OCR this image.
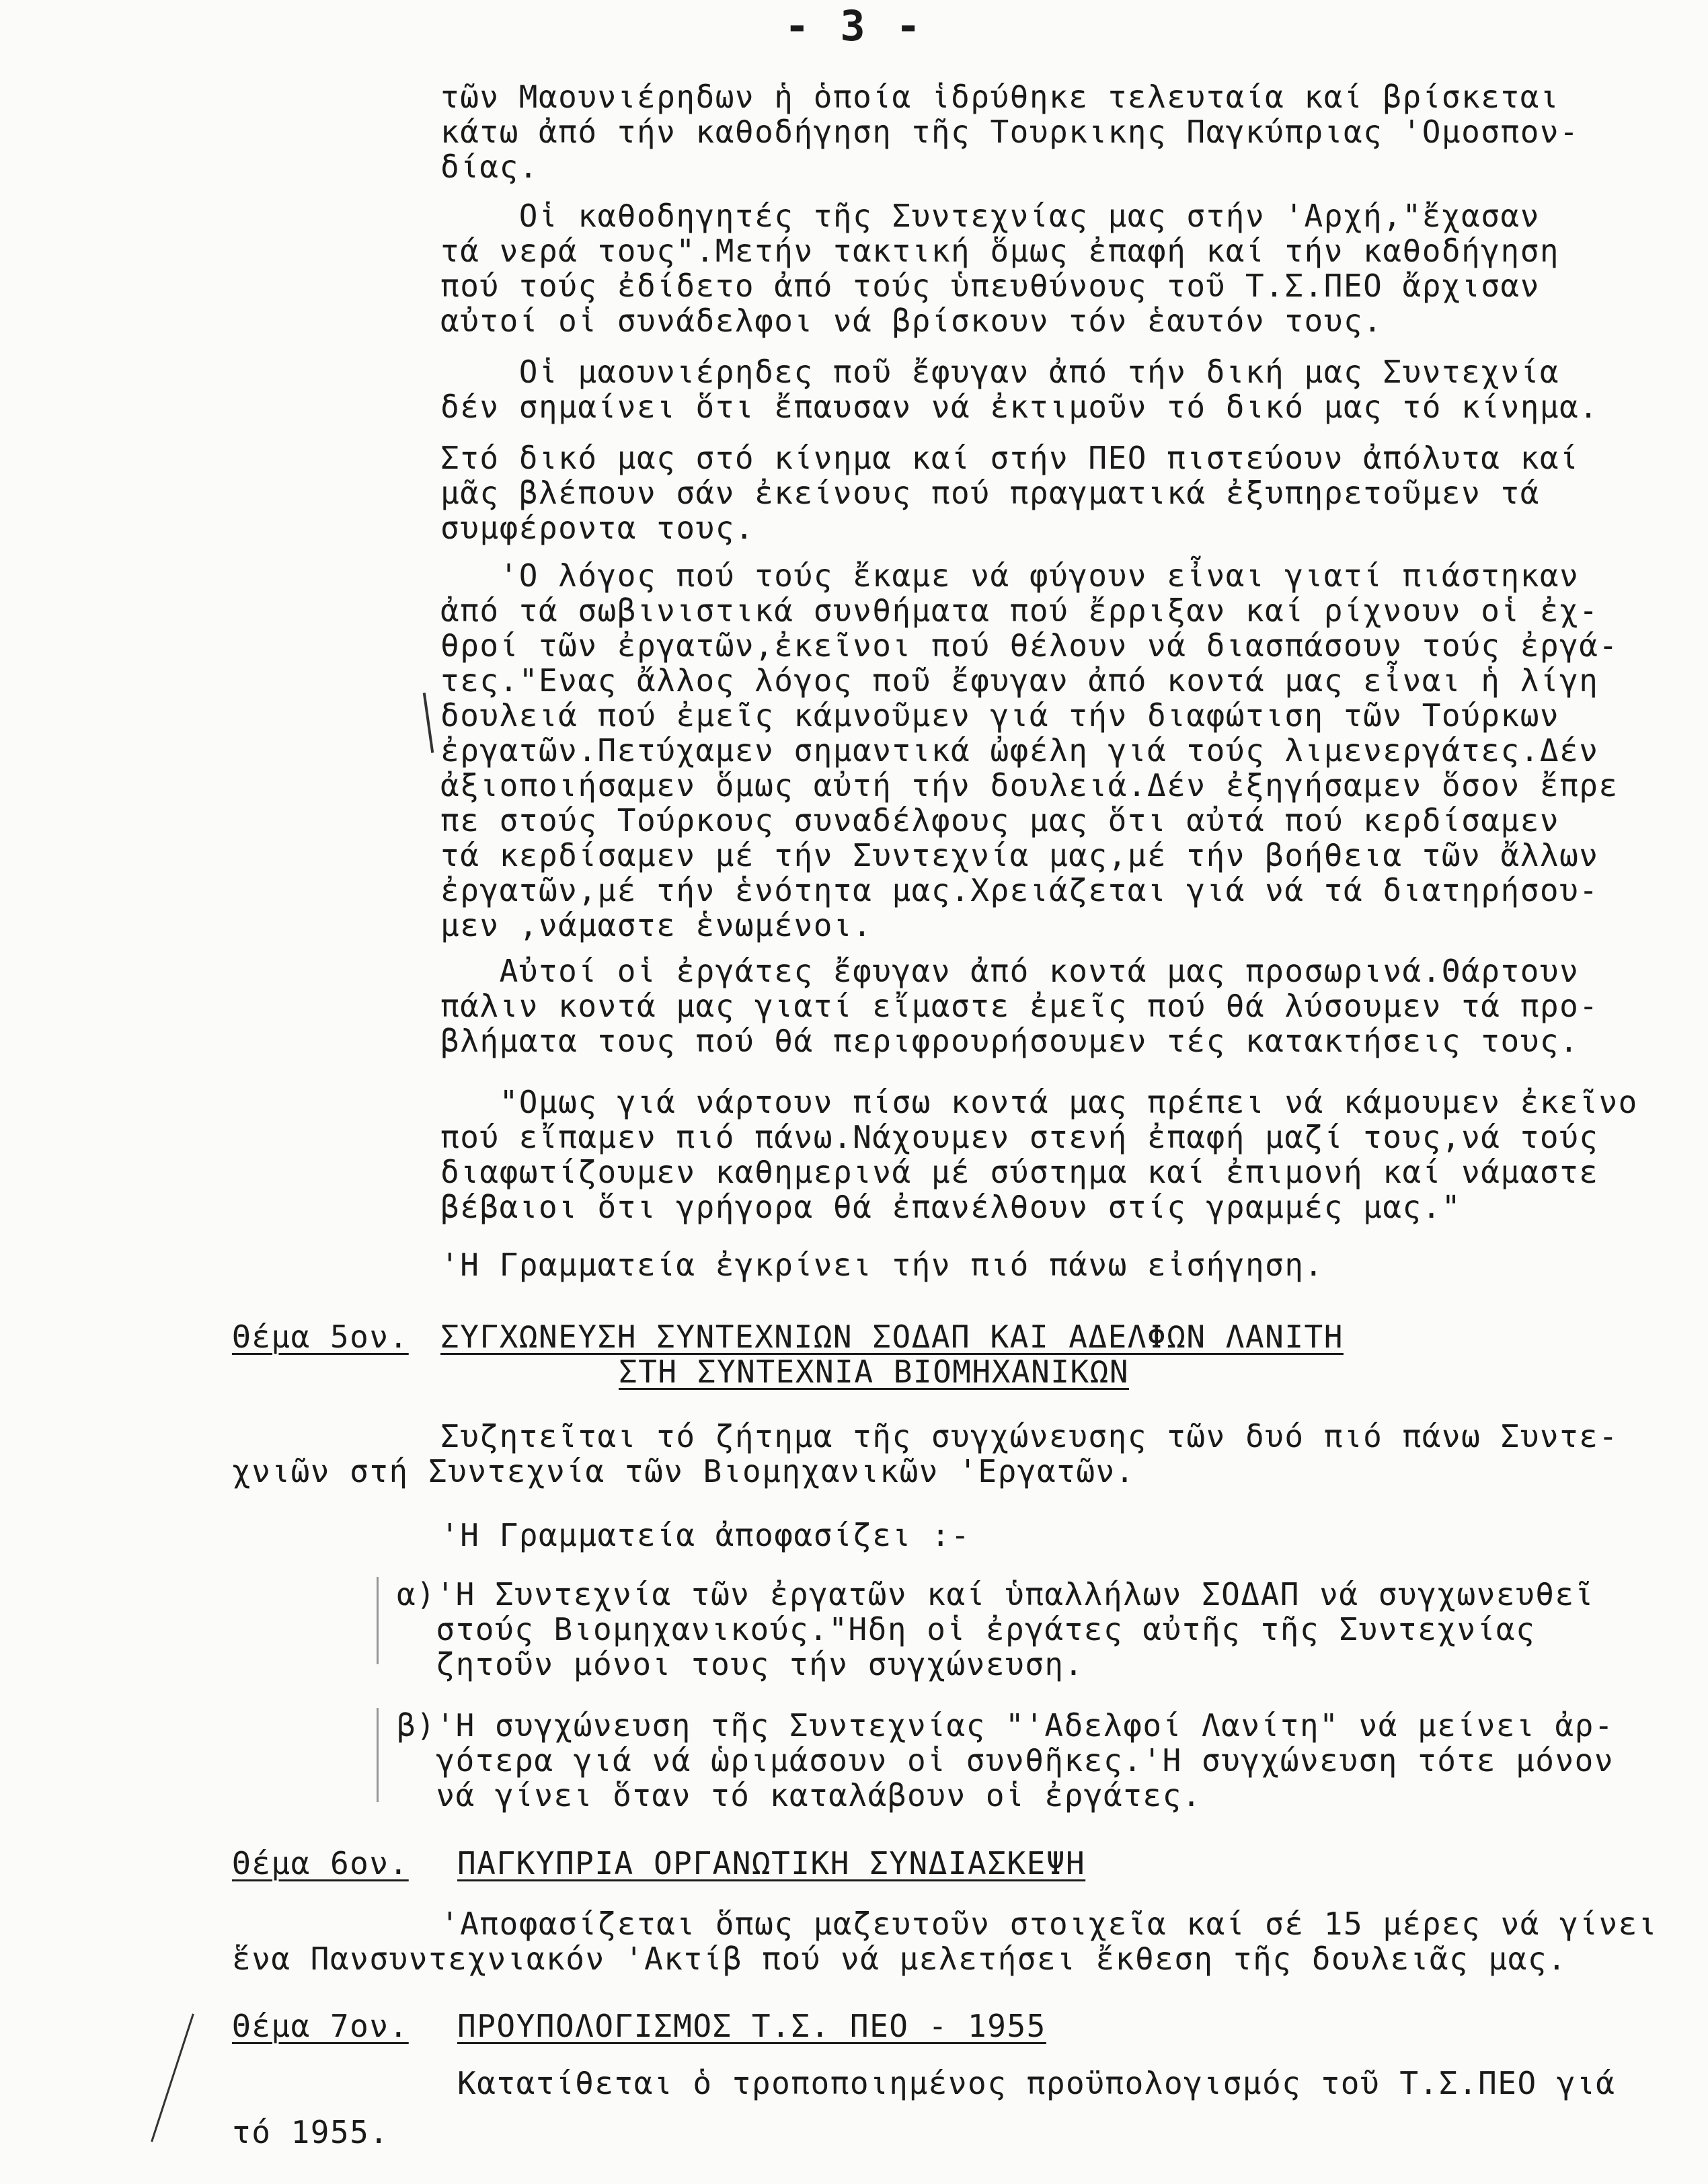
- 3 -
τῶν Μαουνιέρηδων ἡ ὁποία ἱδρύθηκε τελευταία καί βρίσκεται
κάτω ἀπό τήν καθοδήγηση τῆς Τουρκικης Παγκύπριας 'Ομοσπον-
δίας.
Οἱ καθοδηγητές τῆς Συντεχνίας μας στήν 'Αρχή,"ἔχασαν
τά νερά τους".Μετήν τακτική ὅμως ἐπαφή καί τήν καθοδήγηση
πού τούς ἐδίδετο ἀπό τούς ὑπευθύνους τοῦ Τ.Σ.ΠΕΟ ἄρχισαν
αὐτοί οἱ συνάδελφοι νά βρίσκουν τόν ἑαυτόν τους.
Οἱ μαουνιέρηδες ποῦ ἔφυγαν ἀπό τήν δική μας Συντεχνία
δέν σημαίνει ὅτι ἔπαυσαν νά ἐκτιμοῦν τό δικό μας τό κίνημα.
Στό δικό μας στό κίνημα καί στήν ΠΕΟ πιστεύουν ἀπόλυτα καί
μᾶς βλέπουν σάν ἐκείνους πού πραγματικά ἐξυπηρετοῦμεν τά
συμφέροντα τους.
'Ο λόγος πού τούς ἔκαμε νά φύγουν εἶναι γιατί πιάστηκαν
ἀπό τά σωβινιστικά συνθήματα πού ἔρριξαν καί ρίχνουν οἱ ἐχ-
θροί τῶν ἐργατῶν,ἐκεῖνοι πού θέλουν νά διασπάσουν τούς ἐργά-
τες."Ενας ἄλλος λόγος ποῦ ἔφυγαν ἀπό κοντά μας εἶναι ἡ λίγη
δουλειά πού ἐμεῖς κάμνοῦμεν γιά τήν διαφώτιση τῶν Τούρκων
ἐργατῶν.Πετύχαμεν σημαντικά ὠφέλη γιά τούς λιμενεργάτες.Δέν
ἀξιοποιήσαμεν ὅμως αὐτή τήν δουλειά.Δέν ἐξηγήσαμεν ὅσον ἔπρε
πε στούς Τούρκους συναδέλφους μας ὅτι αὐτά πού κερδίσαμεν
τά κερδίσαμεν μέ τήν Συντεχνία μας,μέ τήν βοήθεια τῶν ἄλλων
ἐργατῶν,μέ τήν ἑνότητα μας.Χρειάζεται γιά νά τά διατηρήσου-
μεν ,νάμαστε ἑνωμένοι.
Αὐτοί οἱ ἐργάτες ἔφυγαν ἀπό κοντά μας προσωρινά.Θάρτουν
πάλιν κοντά μας γιατί εἴμαστε ἐμεῖς πού θά λύσουμεν τά προ-
βλήματα τους πού θά περιφρουρήσουμεν τές κατακτήσεις τους.
"Ομως γιά νάρτουν πίσω κοντά μας πρέπει νά κάμουμεν ἐκεῖνο
πού εἴπαμεν πιό πάνω.Νάχουμεν στενή ἐπαφή μαζί τους,νά τούς
διαφωτίζουμεν καθημερινά μέ σύστημα καί ἐπιμονή καί νάμαστε
βέβαιοι ὅτι γρήγορα θά ἐπανέλθουν στίς γραμμές μας."
'Η Γραμματεία ἐγκρίνει τήν πιό πάνω εἰσήγηση.
Θέμα 5ον. ΣΥΓΧΩΝΕΥΣΗ ΣΥΝΤΕΧΝΙΩΝ ΣΟΔΑΠ ΚΑΙ ΑΔΕΛΦΩΝ ΛΑΝΙΤΗ
ΣΤΗ ΣΥΝΤΕΧΝΙΑ ΒΙΟΜΗΧΑΝΙΚΩΝ
Συζητεῖται τό ζήτημα τῆς συγχώνευσης τῶν δυό πιό πάνω Συντε-
χνιῶν στή Συντεχνία τῶν Βιομηχανικῶν 'Εργατῶν.
'Η Γραμματεία ἀποφασίζει :-
α)'Η Συντεχνία τῶν ἐργατῶν καί ὑπαλλήλων ΣΟΔΑΠ νά συγχωνευθεῖ
στούς Βιομηχανικούς."Ηδη οἱ ἐργάτες αὐτῆς τῆς Συντεχνίας
ζητοῦν μόνοι τους τήν συγχώνευση.
β)'Η συγχώνευση τῆς Συντεχνίας "'Αδελφοί Λανίτη" νά μείνει ἀρ-
γότερα γιά νά ὡριμάσουν οἱ συνθῆκες.'Η συγχώνευση τότε μόνον
νά γίνει ὅταν τό καταλάβουν οἱ ἐργάτες.
Θέμα 6ον. ΠΑΓΚΥΠΡΙΑ ΟΡΓΑΝΩΤΙΚΗ ΣΥΝΔΙΑΣΚΕΨΗ
'Αποφασίζεται ὅπως μαζευτοῦν στοιχεῖα καί σέ 15 μέρες νά γίνει
ἕνα Πανσυντεχνιακόν 'Ακτίβ πού νά μελετήσει ἔκθεση τῆς δουλειᾶς μας.
Θέμα 7ον. ΠΡΟΥΠΟΛΟΓΙΣΜΟΣ Τ.Σ. ΠΕΟ - 1955
Κατατίθεται ὁ τροποποιημένος προϋπολογισμός τοῦ Τ.Σ.ΠΕΟ γιά
τό 1955.
